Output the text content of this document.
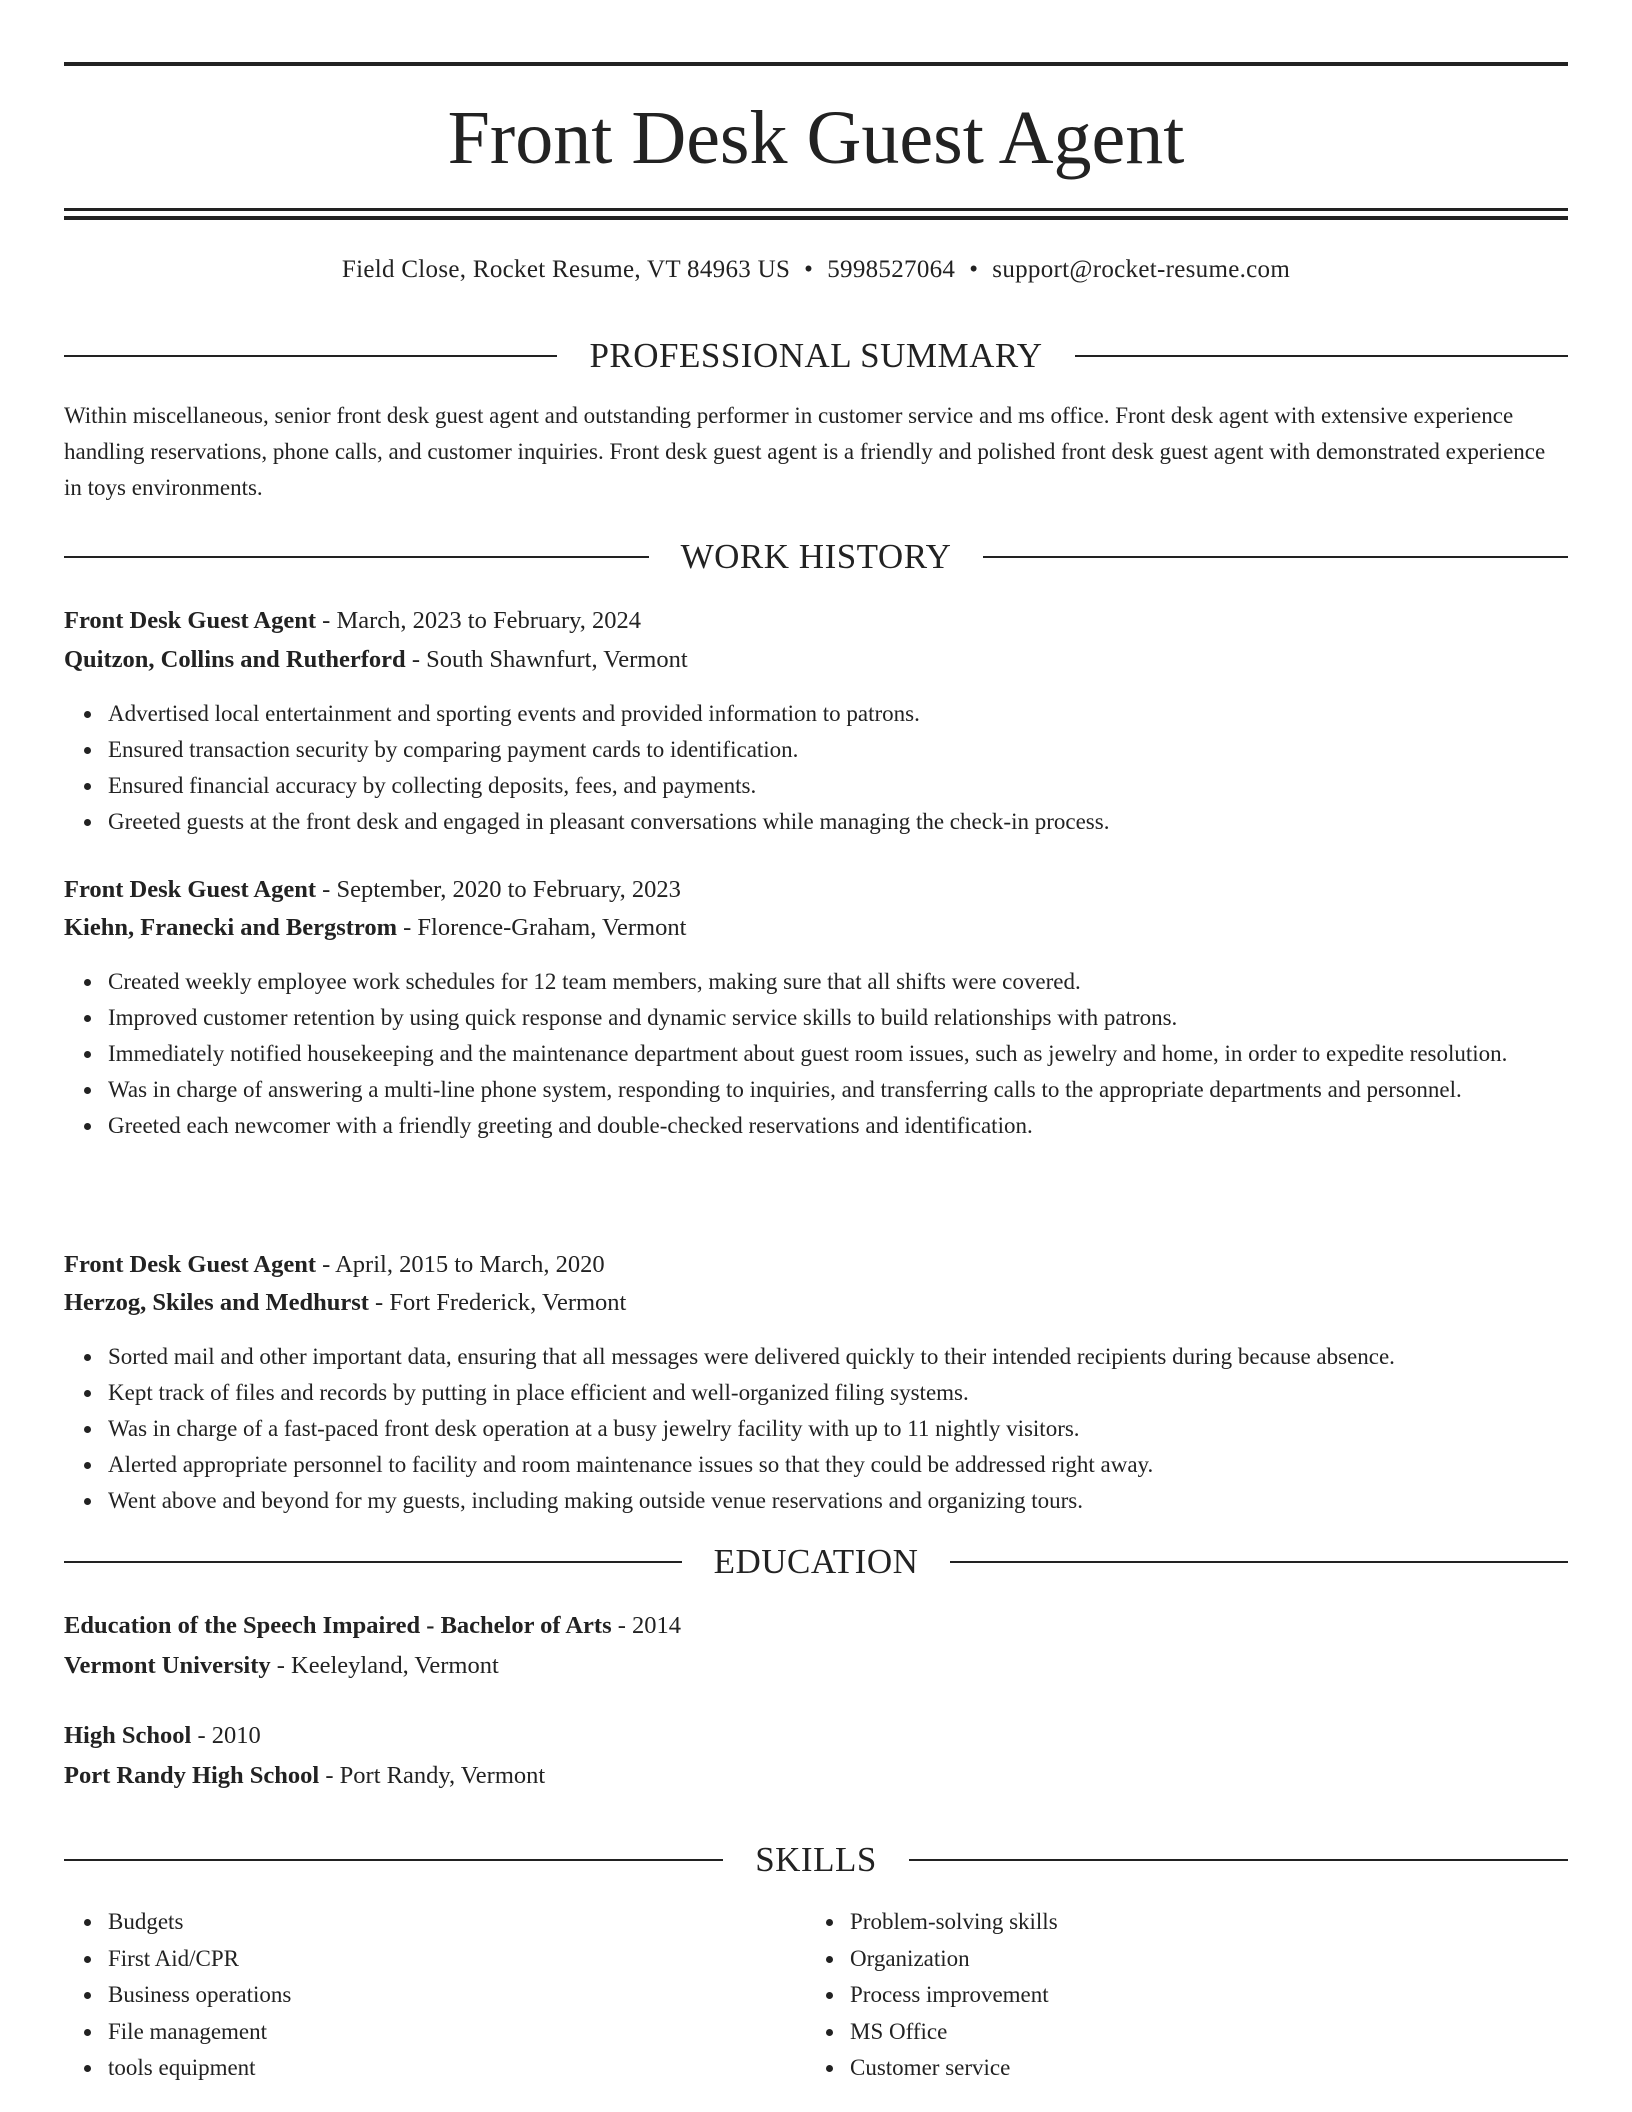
Front Desk Guest Agent
Field Close, Rocket Resume, VT 84963 US • 5998527064 • support@rocket-resume.com
PROFESSIONAL SUMMARY

Within miscellaneous, senior front desk guest agent and outstanding performer in customer service and ms office. Front desk agent with extensive experience handling reservations, phone calls, and customer inquiries. Front desk guest agent is a friendly and polished front desk guest agent with demonstrated experience in toys environments.

WORK HISTORY
Front Desk Guest Agent - March, 2023 to February, 2024
Quitzon, Collins and Rutherford - South Shawnfurt, Vermont
Advertised local entertainment and sporting events and provided information to patrons.
Ensured transaction security by comparing payment cards to identification.
Ensured financial accuracy by collecting deposits, fees, and payments.
Greeted guests at the front desk and engaged in pleasant conversations while managing the check-in process.
Front Desk Guest Agent - September, 2020 to February, 2023
Kiehn, Franecki and Bergstrom - Florence-Graham, Vermont
Created weekly employee work schedules for 12 team members, making sure that all shifts were covered.
Improved customer retention by using quick response and dynamic service skills to build relationships with patrons.
Immediately notified housekeeping and the maintenance department about guest room issues, such as jewelry and home, in order to expedite resolution.
Was in charge of answering a multi-line phone system, responding to inquiries, and transferring calls to the appropriate departments and personnel.
Greeted each newcomer with a friendly greeting and double-checked reservations and identification.
Front Desk Guest Agent - April, 2015 to March, 2020
Herzog, Skiles and Medhurst - Fort Frederick, Vermont
Sorted mail and other important data, ensuring that all messages were delivered quickly to their intended recipients during because absence.
Kept track of files and records by putting in place efficient and well-organized filing systems.
Was in charge of a fast-paced front desk operation at a busy jewelry facility with up to 11 nightly visitors.
Alerted appropriate personnel to facility and room maintenance issues so that they could be addressed right away.
Went above and beyond for my guests, including making outside venue reservations and organizing tours.
EDUCATION
Education of the Speech Impaired - Bachelor of Arts - 2014
Vermont University - Keeleyland, Vermont
High School - 2010
Port Randy High School - Port Randy, Vermont
SKILLS
Budgets
First Aid/CPR
Business operations
File management
tools equipment
Problem-solving skills
Organization
Process improvement
MS Office
Customer service
